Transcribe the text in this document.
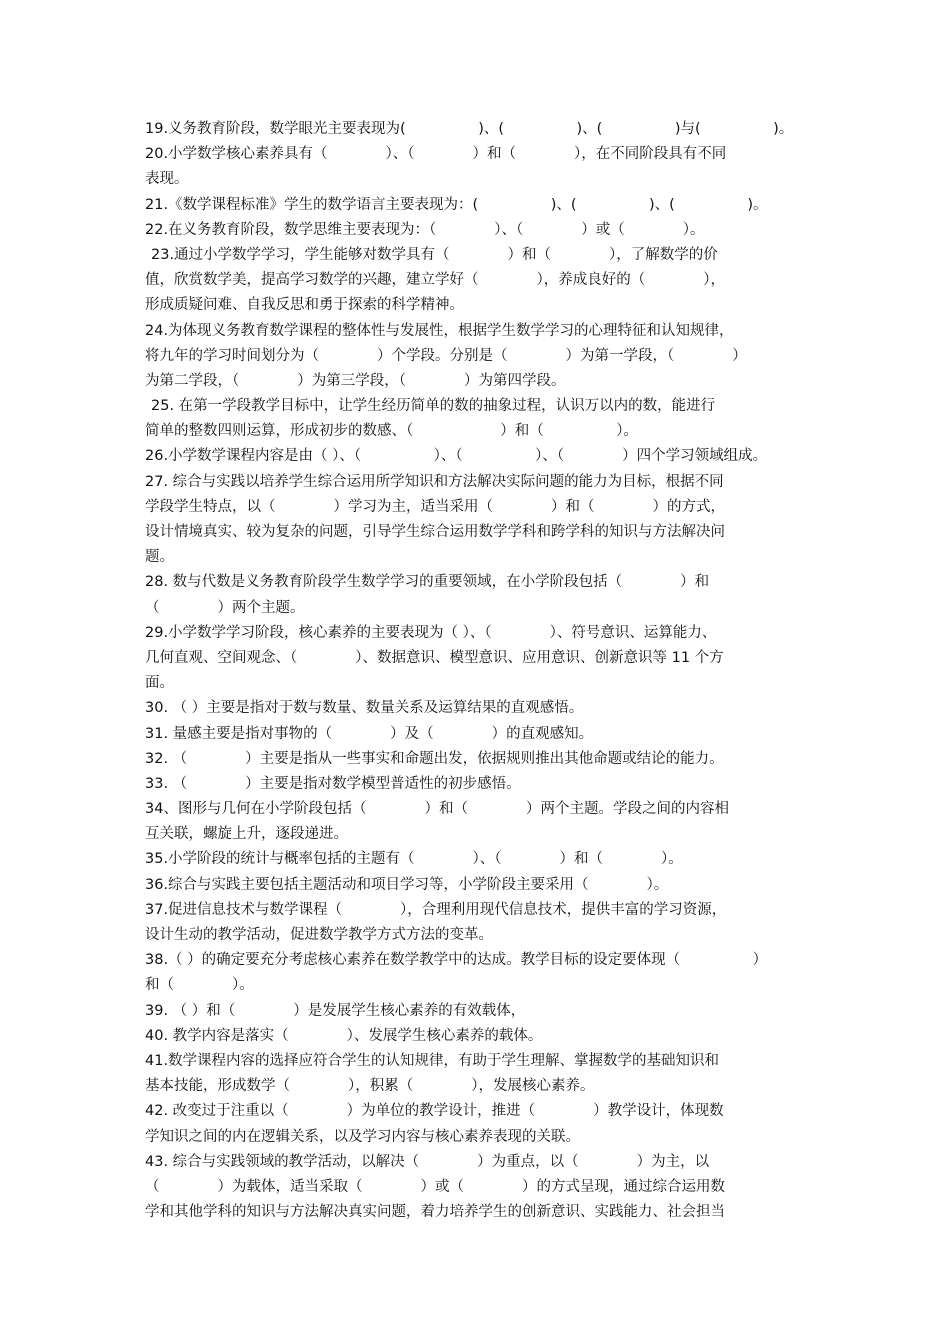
19.义务教育阶段，数学眼光主要表现为(　　　　　)、(　　　　　)、(　　　　　)与(　　　　　)。
20.小学数学核心素养具有（　　　　）、（　　　　）和（　　　　），在不同阶段具有不同
表现。
21.《数学课程标准》学生的数学语言主要表现为：(　　　　　)、(　　　　　)、(　　　　　)。
22.在义务教育阶段，数学思维主要表现为：（　　　　）、（　　　　）或（　　　　）。
23.通过小学数学学习，学生能够对数学具有（　　　　）和（　　　　），了解数学的价
值，欣赏数学美，提高学习数学的兴趣，建立学好（　　　　），养成良好的（　　　　），
形成质疑问难、自我反思和勇于探索的科学精神。
24.为体现义务教育数学课程的整体性与发展性，根据学生数学学习的心理特征和认知规律，
将九年的学习时间划分为（　　　　）个学段。分别是（　　　　）为第一学段，（　　　　）
为第二学段，（　　　　）为第三学段，（　　　　）为第四学段。
25. 在第一学段教学目标中，让学生经历简单的数的抽象过程，认识万以内的数，能进行
简单的整数四则运算，形成初步的数感、（　　　　　　）和（　　　　　）。
26.小学数学课程内容是由（ ）、（　　　　　）、（　　　　　）、（　　　　）四个学习领域组成。
27. 综合与实践以培养学生综合运用所学知识和方法解决实际问题的能力为目标，根据不同
学段学生特点，以（　　　　）学习为主，适当采用（　　　　）和（　　　　）的方式，
设计情境真实、较为复杂的问题，引导学生综合运用数学学科和跨学科的知识与方法解决问
题。
28. 数与代数是义务教育阶段学生数学学习的重要领域，在小学阶段包括（　　　　）和
（　　　　）两个主题。
29.小学数学学习阶段，核心素养的主要表现为（ ）、（　　　　）、符号意识、运算能力、
几何直观、空间观念、（　　　　）、数据意识、模型意识、应用意识、创新意识等 11 个方
面。
30. （ ）主要是指对于数与数量、数量关系及运算结果的直观感悟。
31. 量感主要是指对事物的（　　　　）及（　　　　）的直观感知。
32. （　　　　）主要是指从一些事实和命题出发，依据规则推出其他命题或结论的能力。
33. （　　　　）主要是指对数学模型普适性的初步感悟。
34、图形与几何在小学阶段包括（　　　　）和（　　　　）两个主题。学段之间的内容相
互关联，螺旋上升，逐段递进。
35.小学阶段的统计与概率包括的主题有（　　　　）、（　　　　）和（　　　　）。
36.综合与实践主要包括主题活动和项目学习等，小学阶段主要采用（　　　　）。
37.促进信息技术与数学课程（　　　　），合理利用现代信息技术，提供丰富的学习资源，
设计生动的教学活动，促进数学教学方式方法的变革。
38.（ ）的确定要充分考虑核心素养在数学教学中的达成。教学目标的设定要体现（　　　　　）
和（　　　　）。
39. （ ）和（　　　　）是发展学生核心素养的有效载体，
40. 教学内容是落实（　　　　）、发展学生核心素养的载体。
41.数学课程内容的选择应符合学生的认知规律，有助于学生理解、掌握数学的基础知识和
基本技能，形成数学（　　　　），积累（　　　　），发展核心素养。
42. 改变过于注重以（　　　　）为单位的教学设计，推进（　　　　）教学设计，体现数
学知识之间的内在逻辑关系，以及学习内容与核心素养表现的关联。
43. 综合与实践领域的教学活动，以解决（　　　　）为重点，以（　　　　）为主，以
（　　　　）为载体，适当采取（　　　　）或（　　　　）的方式呈现，通过综合运用数
学和其他学科的知识与方法解决真实问题，着力培养学生的创新意识、实践能力、社会担当
